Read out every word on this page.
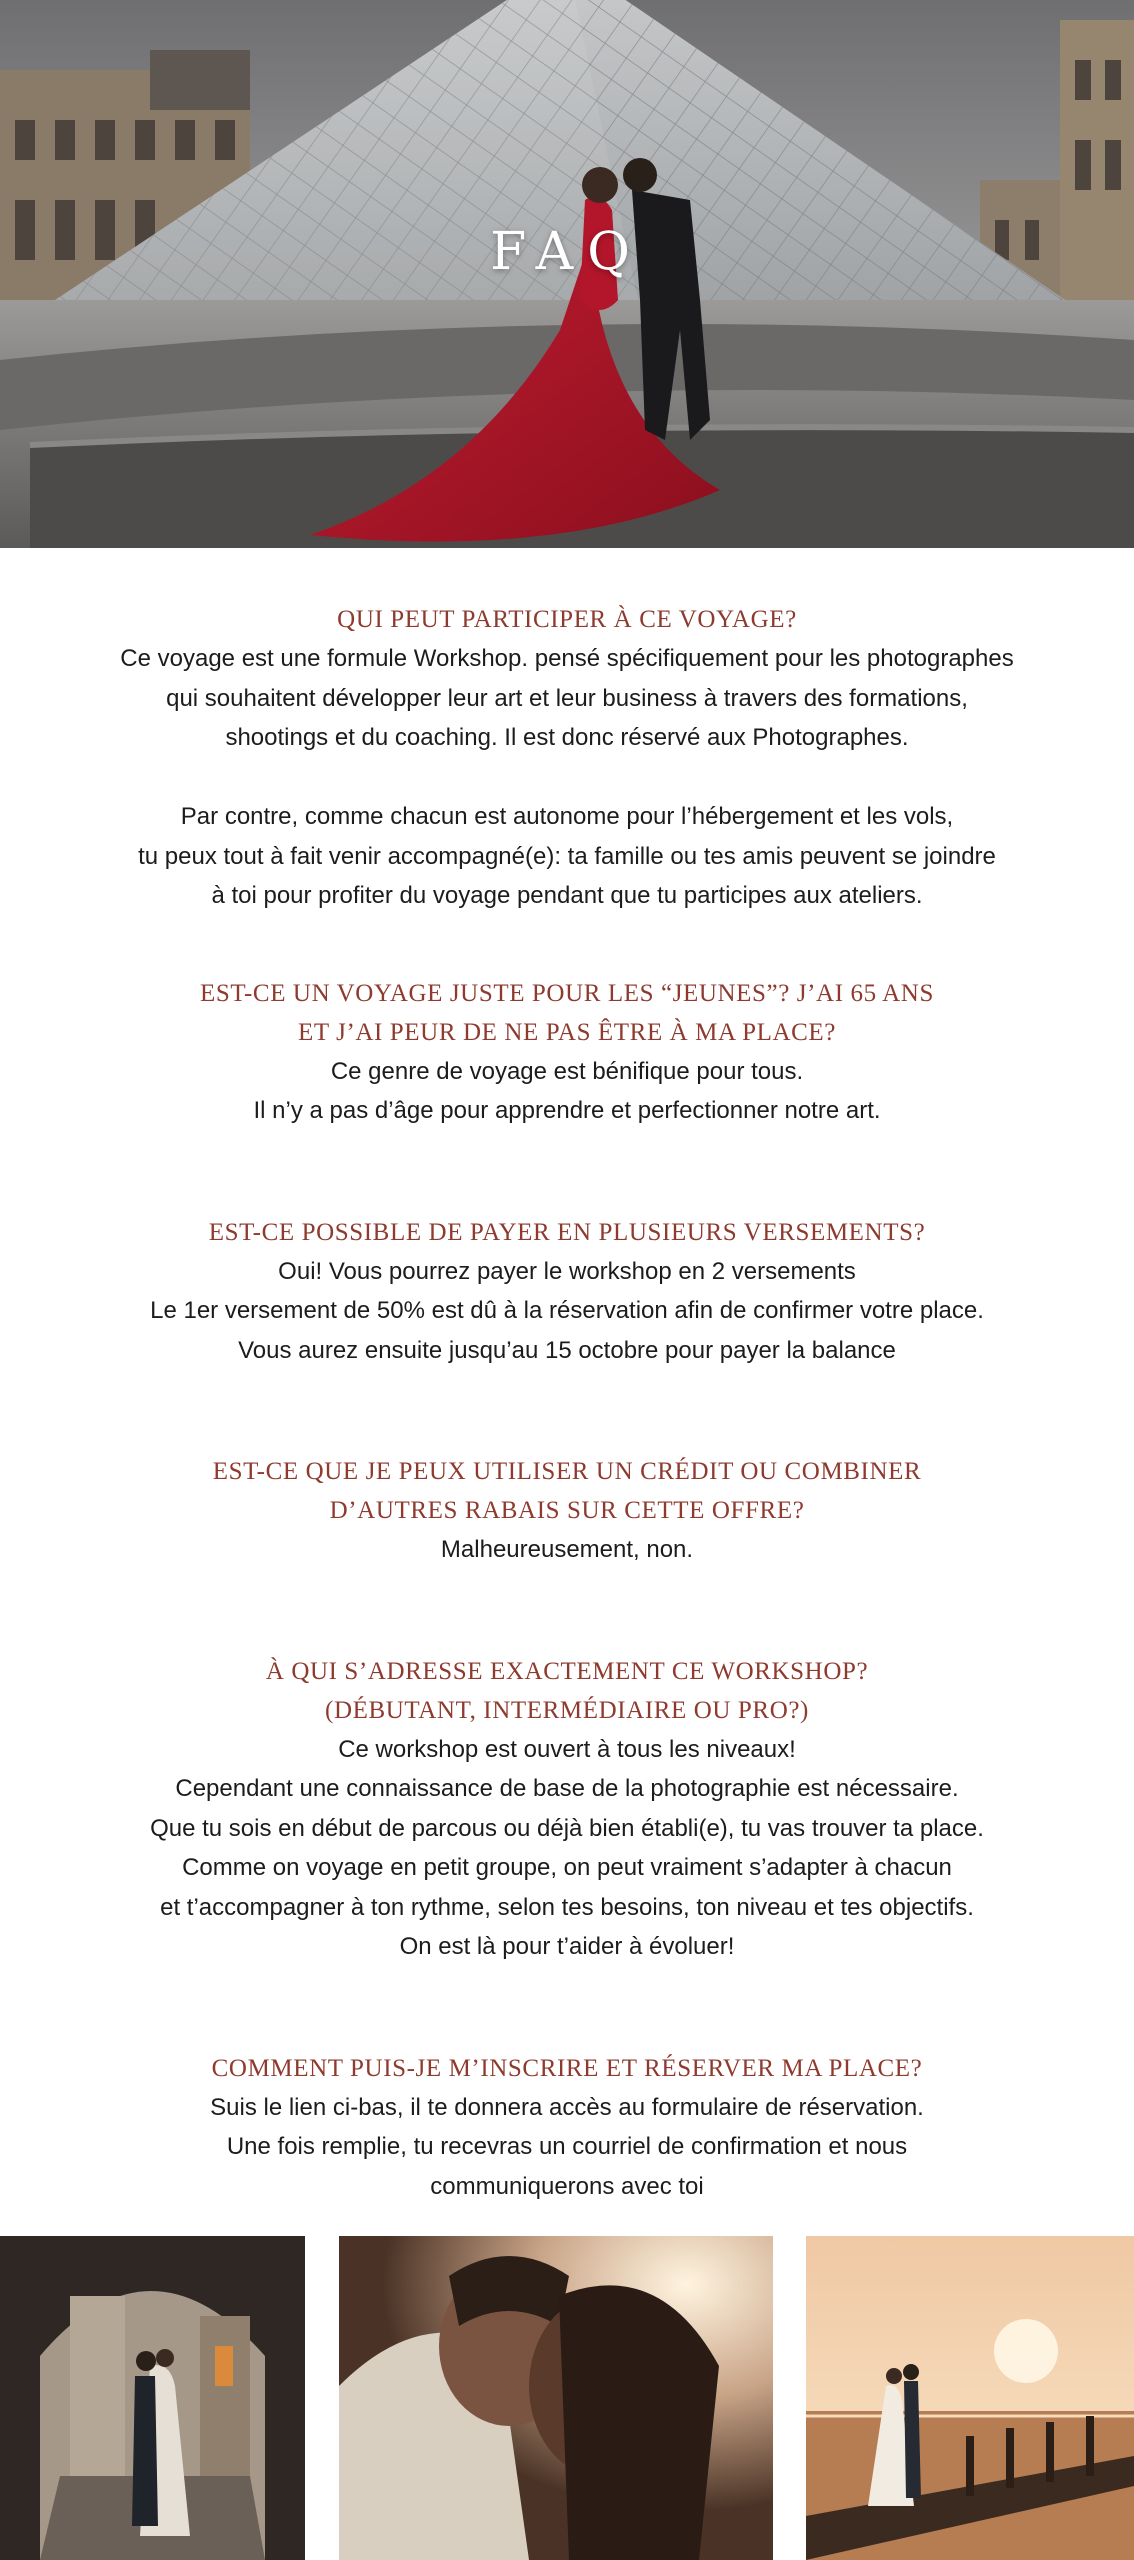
FAQ

QUI PEUT PARTICIPER À CE VOYAGE?

Ce voyage est une formule Workshop. pensé spécifiquement pour les photographes
qui souhaitent développer leur art et leur business à travers des formations,
shootings et du coaching. Il est donc réservé aux Photographes.

Par contre, comme chacun est autonome pour l’hébergement et les vols,
tu peux tout à fait venir accompagné(e): ta famille ou tes amis peuvent se joindre
à toi pour profiter du voyage pendant que tu participes aux ateliers.

EST-CE UN VOYAGE JUSTE POUR LES “JEUNES”? J’AI 65 ANS
ET J’AI PEUR DE NE PAS ÊTRE À MA PLACE?

Ce genre de voyage est bénifique pour tous.
Il n’y a pas d’âge pour apprendre et perfectionner notre art.

EST-CE POSSIBLE DE PAYER EN PLUSIEURS VERSEMENTS?

Oui! Vous pourrez payer le workshop en 2 versements
Le 1er versement de 50% est dû à la réservation afin de confirmer votre place.
Vous aurez ensuite jusqu’au 15 octobre pour payer la balance

EST-CE QUE JE PEUX UTILISER UN CRÉDIT OU COMBINER
D’AUTRES RABAIS SUR CETTE OFFRE?

Malheureusement, non.

À QUI S’ADRESSE EXACTEMENT CE WORKSHOP?
(DÉBUTANT, INTERMÉDIAIRE OU PRO?)

Ce workshop est ouvert à tous les niveaux!
Cependant une connaissance de base de la photographie est nécessaire.
Que tu sois en début de parcous ou déjà bien établi(e), tu vas trouver ta place.
Comme on voyage en petit groupe, on peut vraiment s’adapter à chacun
et t’accompagner à ton rythme, selon tes besoins, ton niveau et tes objectifs.
On est là pour t’aider à évoluer!

COMMENT PUIS-JE M’INSCRIRE ET RÉSERVER MA PLACE?

Suis le lien ci-bas, il te donnera accès au formulaire de réservation.
Une fois remplie, tu recevras un courriel de confirmation et nous
communiquerons avec toi
